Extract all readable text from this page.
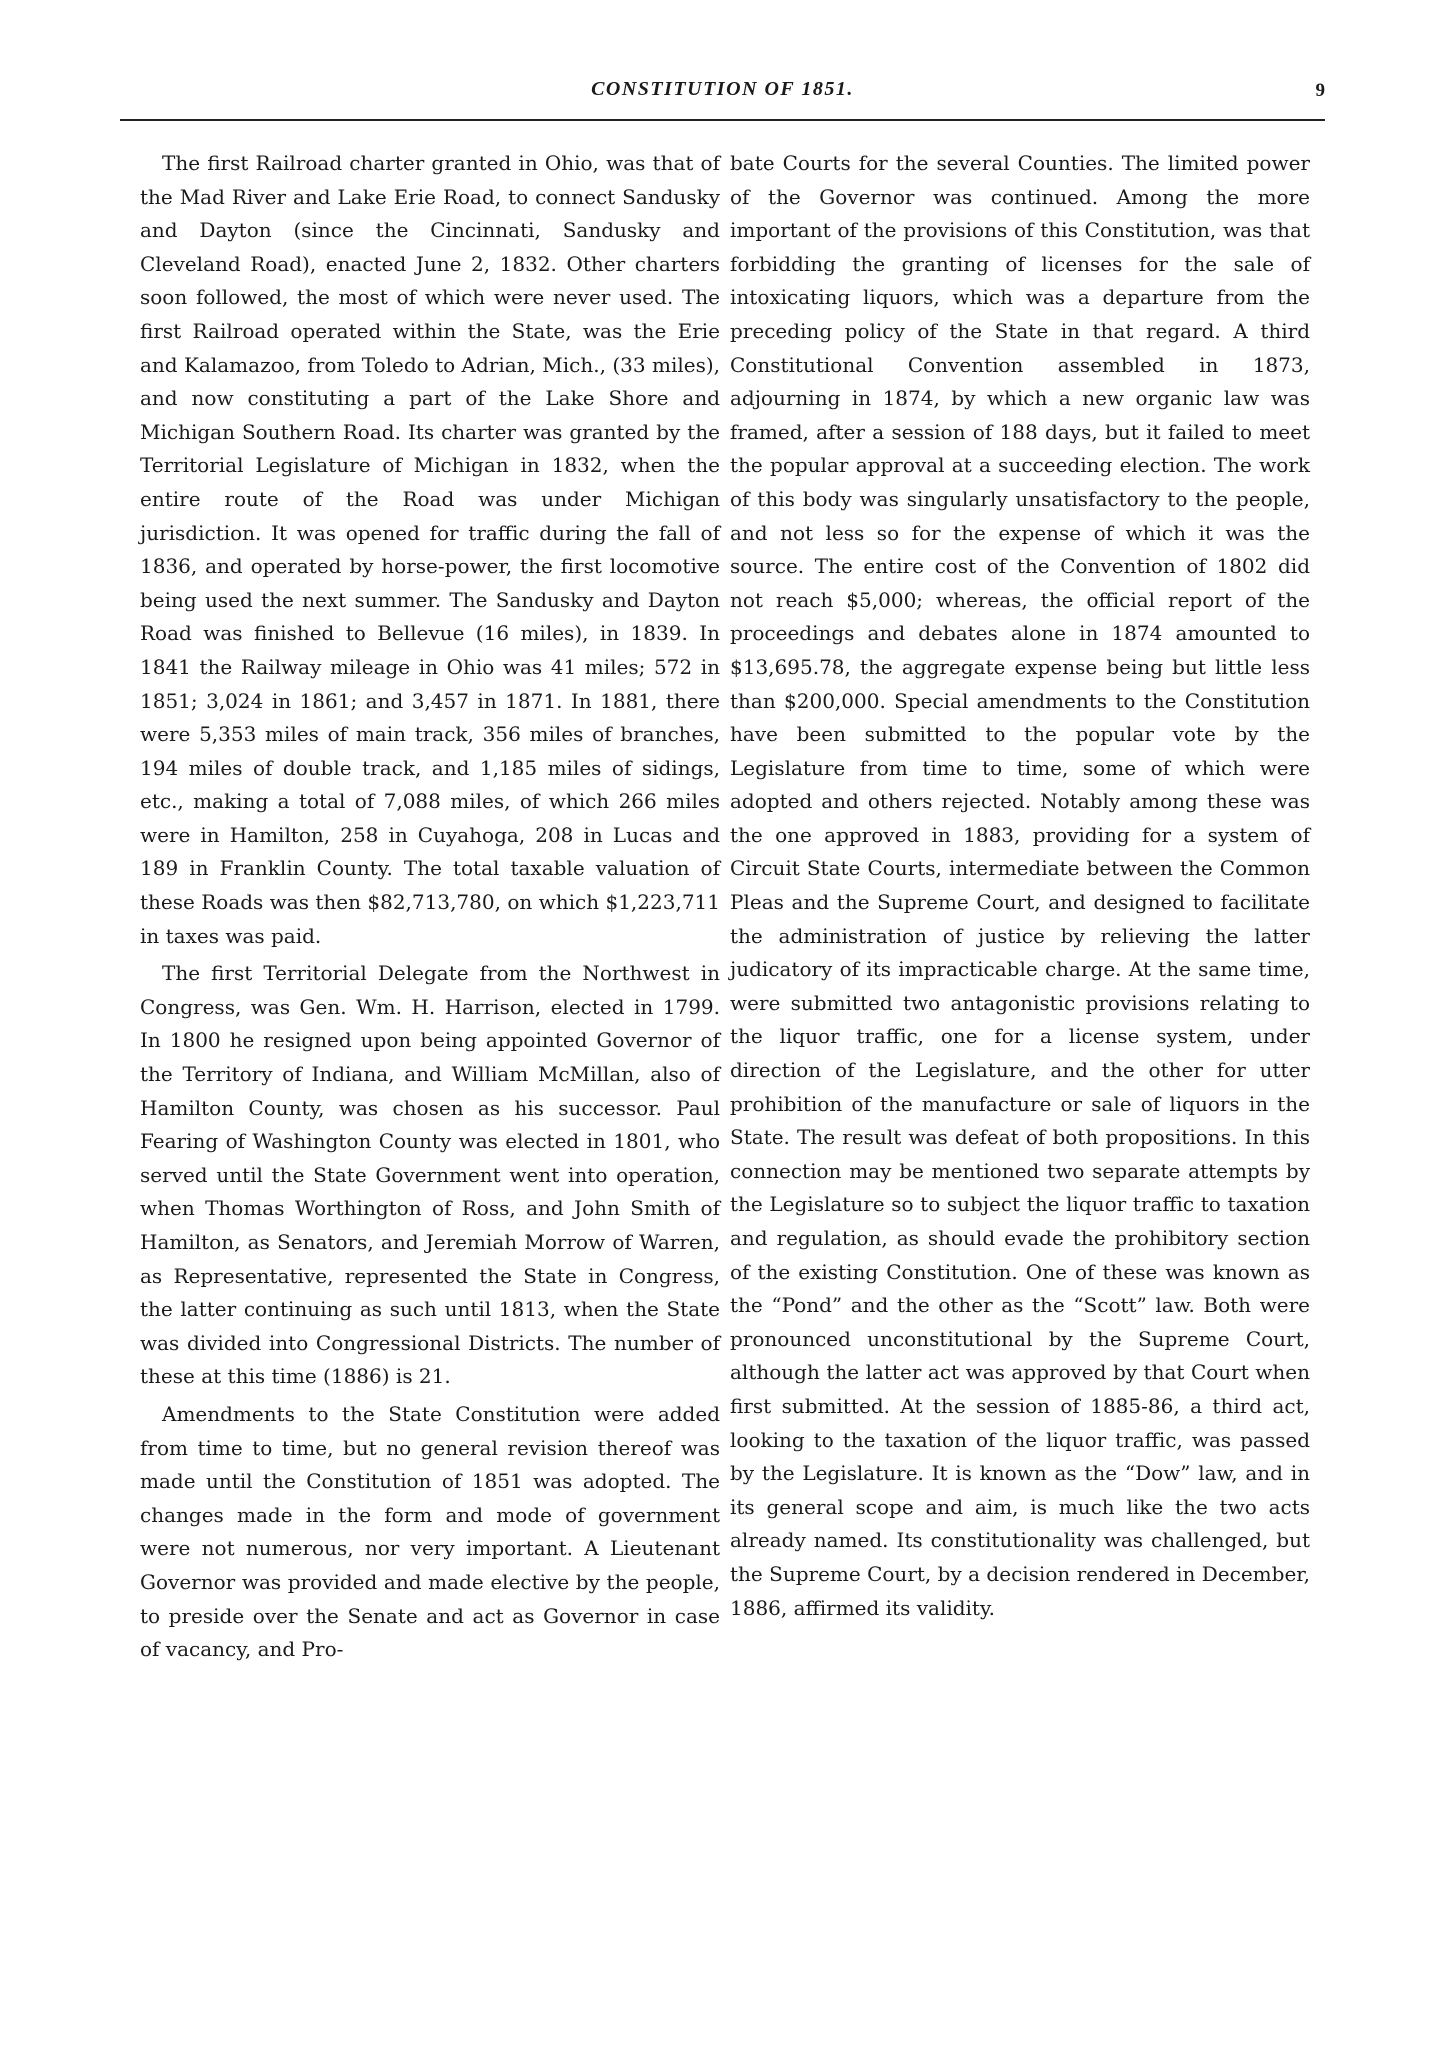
CONSTITUTION OF 1851.	9

The first Railroad charter granted in Ohio, was that of the Mad River and Lake Erie Road, to connect Sandusky and Dayton (since the Cincinnati, Sandusky and Cleveland Road), enacted June 2, 1832. Other charters soon followed, the most of which were never used. The first Railroad operated within the State, was the Erie and Kalamazoo, from Toledo to Adrian, Mich., (33 miles), and now constituting a part of the Lake Shore and Michigan Southern Road. Its charter was granted by the Territorial Legislature of Michigan in 1832, when the entire route of the Road was under Michigan jurisdiction. It was opened for traffic during the fall of 1836, and operated by horse-power, the first locomotive being used the next summer. The Sandusky and Dayton Road was finished to Bellevue (16 miles), in 1839. In 1841 the Railway mileage in Ohio was 41 miles; 572 in 1851; 3,024 in 1861; and 3,457 in 1871. In 1881, there were 5,353 miles of main track, 356 miles of branches, 194 miles of double track, and 1,185 miles of sidings, etc., making a total of 7,088 miles, of which 266 miles were in Hamilton, 258 in Cuyahoga, 208 in Lucas and 189 in Franklin County. The total taxable valuation of these Roads was then $82,713,780, on which $1,223,711 in taxes was paid.

The first Territorial Delegate from the Northwest in Congress, was Gen. Wm. H. Harrison, elected in 1799. In 1800 he resigned upon being appointed Governor of the Territory of Indiana, and William McMillan, also of Hamilton County, was chosen as his successor. Paul Fearing of Washington County was elected in 1801, who served until the State Government went into operation, when Thomas Worthington of Ross, and John Smith of Hamilton, as Senators, and Jeremiah Morrow of Warren, as Representative, represented the State in Congress, the latter continuing as such until 1813, when the State was divided into Congressional Districts. The number of these at this time (1886) is 21.

Amendments to the State Constitution were added from time to time, but no general revision thereof was made until the Constitution of 1851 was adopted. The changes made in the form and mode of government were not numerous, nor very important. A Lieutenant Governor was provided and made elective by the people, to preside over the Senate and act as Governor in case of vacancy, and Pro-

bate Courts for the several Counties. The limited power of the Governor was continued. Among the more important of the provisions of this Constitution, was that forbidding the granting of licenses for the sale of intoxicating liquors, which was a departure from the preceding policy of the State in that regard. A third Constitutional Convention assembled in 1873, adjourning in 1874, by which a new organic law was framed, after a session of 188 days, but it failed to meet the popular approval at a succeeding election. The work of this body was singularly unsatisfactory to the people, and not less so for the expense of which it was the source. The entire cost of the Convention of 1802 did not reach $5,000; whereas, the official report of the proceedings and debates alone in 1874 amounted to $13,695.78, the aggregate expense being but little less than $200,000. Special amendments to the Constitution have been submitted to the popular vote by the Legislature from time to time, some of which were adopted and others rejected. Notably among these was the one approved in 1883, providing for a system of Circuit State Courts, intermediate between the Common Pleas and the Supreme Court, and designed to facilitate the administration of justice by relieving the latter judicatory of its impracticable charge. At the same time, were submitted two antagonistic provisions relating to the liquor traffic, one for a license system, under direction of the Legislature, and the other for utter prohibition of the manufacture or sale of liquors in the State. The result was defeat of both propositions. In this connection may be mentioned two separate attempts by the Legislature so to subject the liquor traffic to taxation and regulation, as should evade the prohibitory section of the existing Constitution. One of these was known as the “Pond” and the other as the “Scott” law. Both were pronounced unconstitutional by the Supreme Court, although the latter act was approved by that Court when first submitted. At the session of 1885-86, a third act, looking to the taxation of the liquor traffic, was passed by the Legislature. It is known as the “Dow” law, and in its general scope and aim, is much like the two acts already named. Its constitutionality was challenged, but the Supreme Court, by a decision rendered in December, 1886, affirmed its validity.
